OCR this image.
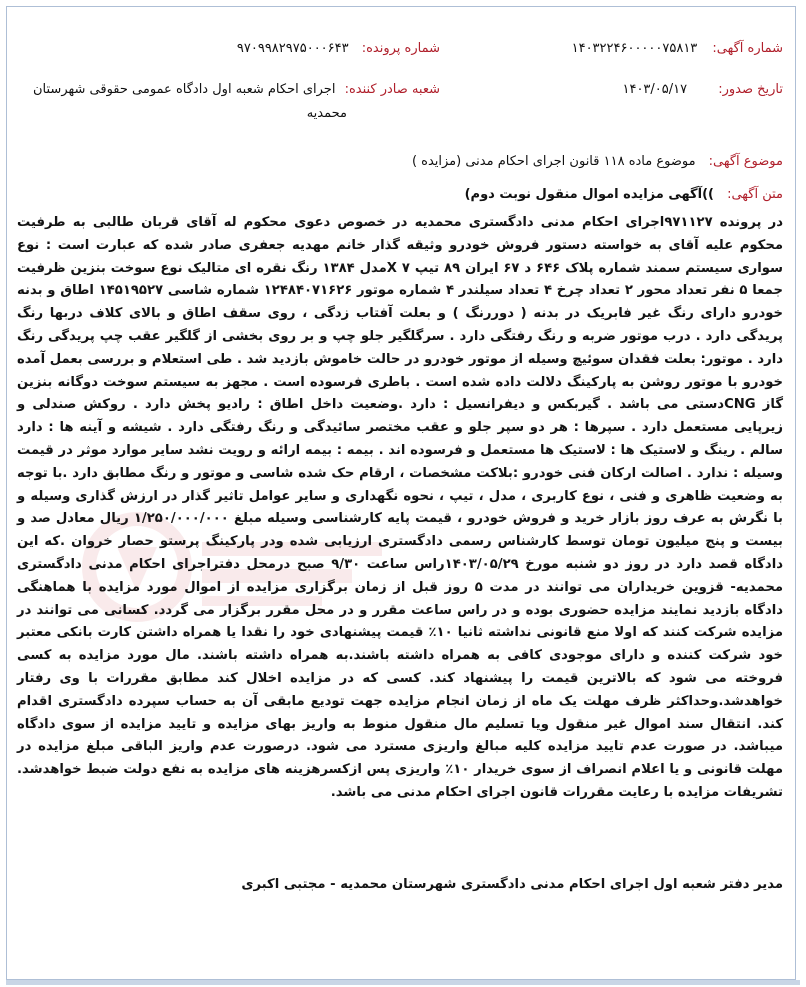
شماره آگهی: ۱۴۰۳۲۲۴۶۰۰۰۰۰۷۵۸۱۳
شماره پرونده: ۹۷۰۹۹۸۲۹۷۵۰۰۰۶۴۳
تاریخ صدور: ۱۴۰۳/۰۵/۱۷
شعبه صادر کننده: اجرای احکام شعبه اول دادگاه عمومی حقوقی شهرستان
محمدیه
موضوع آگهی: موضوع ماده ۱۱۸ قانون اجرای احکام مدنی (مزایده )
متن آگهی: ))آگهی مزایده اموال منقول نوبت دوم)
در پرونده ۹۷۱۱۲۷اجرای احکام مدنی دادگستری محمدیه در خصوص دعوی محکوم له آقای قربان طالبی به طرفیت محکوم علیه آقای به خواسته دستور فروش خودرو وثیقه گذار خانم مهدیه جعفری صادر شده که عبارت است : نوع سواری سیستم سمند شماره پلاک ۶۴۶ د ۶۷ ایران ۸۹ تیپ X ۷مدل ۱۳۸۴ رنگ نقره ای متالیک نوع سوخت بنزین ظرفیت جمعا ۵ نفر تعداد محور ۲ تعداد چرخ ۴ تعداد سیلندر ۴ شماره موتور ۱۲۴۸۴۰۷۱۶۲۶ شماره شاسی ۱۴۵۱۹۵۲۷ اطاق و بدنه خودرو دارای رنگ غیر فابریک در بدنه ( دوررنگ ) و بعلت آفتاب زدگی ، روی سقف اطاق و بالای کلاف دربها رنگ پریدگی دارد . درب موتور ضربه و رنگ رفتگی دارد . سرگلگیر جلو چپ و بر روی بخشی از گلگیر عقب چپ پریدگی رنگ دارد . موتور: بعلت فقدان سوئیچ وسیله از موتور خودرو در حالت خاموش بازدید شد . طی استعلام و بررسی بعمل آمده خودرو با موتور روشن به پارکینگ دلالت داده شده است . باطری فرسوده است . مجهز به سیستم سوخت دوگانه بنزین گاز CNGدستی می باشد . گیربکس و دیفرانسیل : دارد .وضعیت داخل اطاق : رادیو پخش دارد . روکش صندلی و زیرپایی مستعمل دارد . سپرها : هر دو سپر جلو و عقب مختصر سائیدگی و رنگ رفتگی دارد . شیشه و آینه ها : دارد سالم . رینگ و لاستیک ها : لاستیک ها مستعمل و فرسوده اند . بیمه : بیمه ارائه و رویت نشد سایر موارد موثر در قیمت وسیله : ندارد . اصالت ارکان فنی خودرو :بلاکت مشخصات ، ارقام حک شده شاسی و موتور و رنگ مطابق دارد .با توجه به وضعیت ظاهری و فنی ، نوع کاربری ، مدل ، تیپ ، نحوه نگهداری و سایر عوامل تاثیر گذار در ارزش گذاری وسیله و با نگرش به عرف روز بازار خرید و فروش خودرو ، قیمت پایه کارشناسی وسیله مبلغ ۱/۲۵۰/۰۰۰/۰۰۰ ریال معادل صد و بیست و پنج میلیون تومان توسط کارشناس رسمی دادگستری ارزیابی شده ودر پارکینگ پرستو حصار خروان .که این دادگاه قصد دارد در روز دو شنبه مورخ ۱۴۰۳/۰۵/۲۹راس ساعت ۹/۳۰ صبح درمحل دفتراجرای احکام مدنی دادگستری محمدیه- قزوین خریداران می توانند در مدت ۵ روز قبل از زمان برگزاری مزایده از اموال مورد مزایده با هماهنگی دادگاه بازدید نمایند مزایده حضوری بوده و در راس ساعت مقرر و در محل مقرر برگزار می گردد. کسانی می توانند در مزایده شرکت کنند که اولا منع قانونی نداشته ثانیا ۱۰٪ قیمت پیشنهادی خود را نقدا یا همراه داشتن کارت بانکی معتبر خود شرکت کننده و دارای موجودی کافی به همراه داشته باشند.به همراه داشته باشند. مال مورد مزایده به کسی فروخته می شود که بالاترین قیمت را پیشنهاد کند. کسی که در مزایده اخلال کند مطابق مقررات با وی رفتار خواهدشد.وحداکثر ظرف مهلت یک ماه از زمان انجام مزایده جهت تودیع مابقی آن به حساب سپرده دادگستری اقدام کند. انتقال سند اموال غیر منقول ویا تسلیم مال منقول منوط به واریز بهای مزایده و تایید مزایده از سوی دادگاه میباشد. در صورت عدم تایید مزایده کلیه مبالغ واریزی مسترد می شود. درصورت عدم واریز الباقی مبلغ مزایده در مهلت قانونی و یا اعلام انصراف از سوی خریدار ۱۰٪ واریزی پس ازکسرهزینه های مزایده به نفع دولت ضبط خواهدشد. تشریفات مزایده با رعایت مقررات قانون اجرای احکام مدنی می باشد.
مدیر دفتر شعبه اول اجرای احکام مدنی دادگستری شهرستان محمدیه - مجتبی اکبری
